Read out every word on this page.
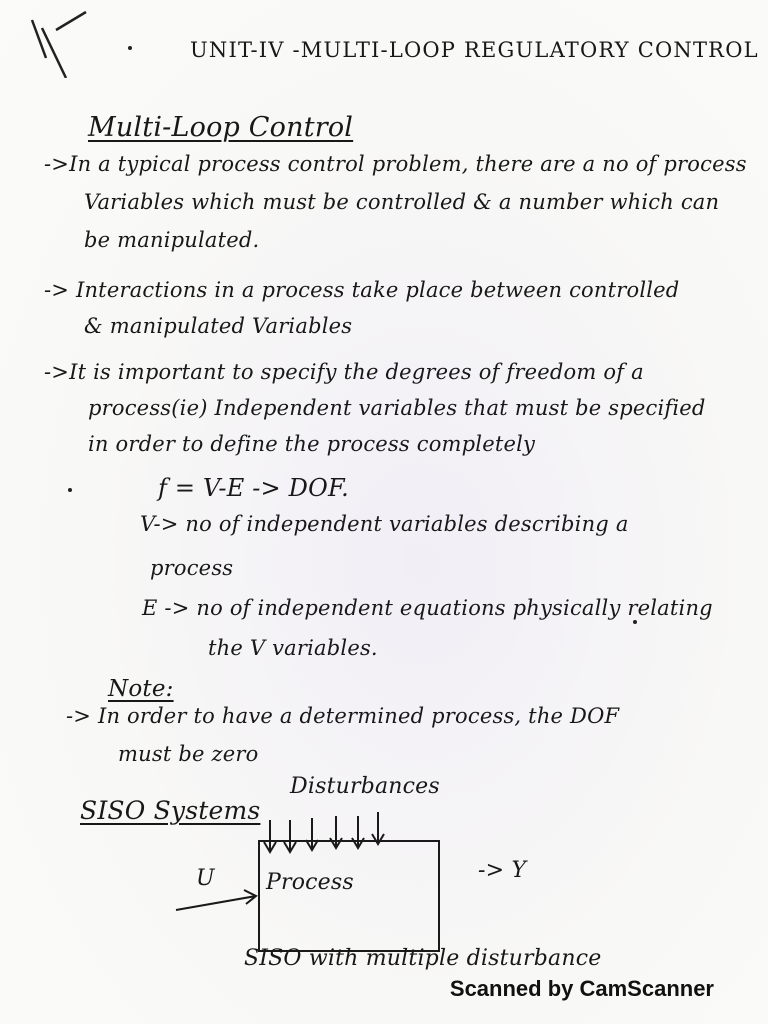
UNIT-IV -MULTI-LOOP REGULATORY CONTROL
Multi-Loop Control
->In a typical process control problem, there are a no of process
Variables which must be controlled & a number which can
be manipulated.
-> Interactions in a process take place between controlled
& manipulated Variables
->It is important to specify the degrees of freedom of a
process(ie) Independent variables that must be specified
in order to define the process completely
f = V-E -> DOF.
V-> no of independent variables describing a
process
E -> no of independent equations physically relating
the V variables.
Note:
-> In order to have a determined process, the DOF
must be zero
SISO Systems
Disturbances
Process
U	-> Y
SISO with multiple disturbance
Scanned by CamScanner
